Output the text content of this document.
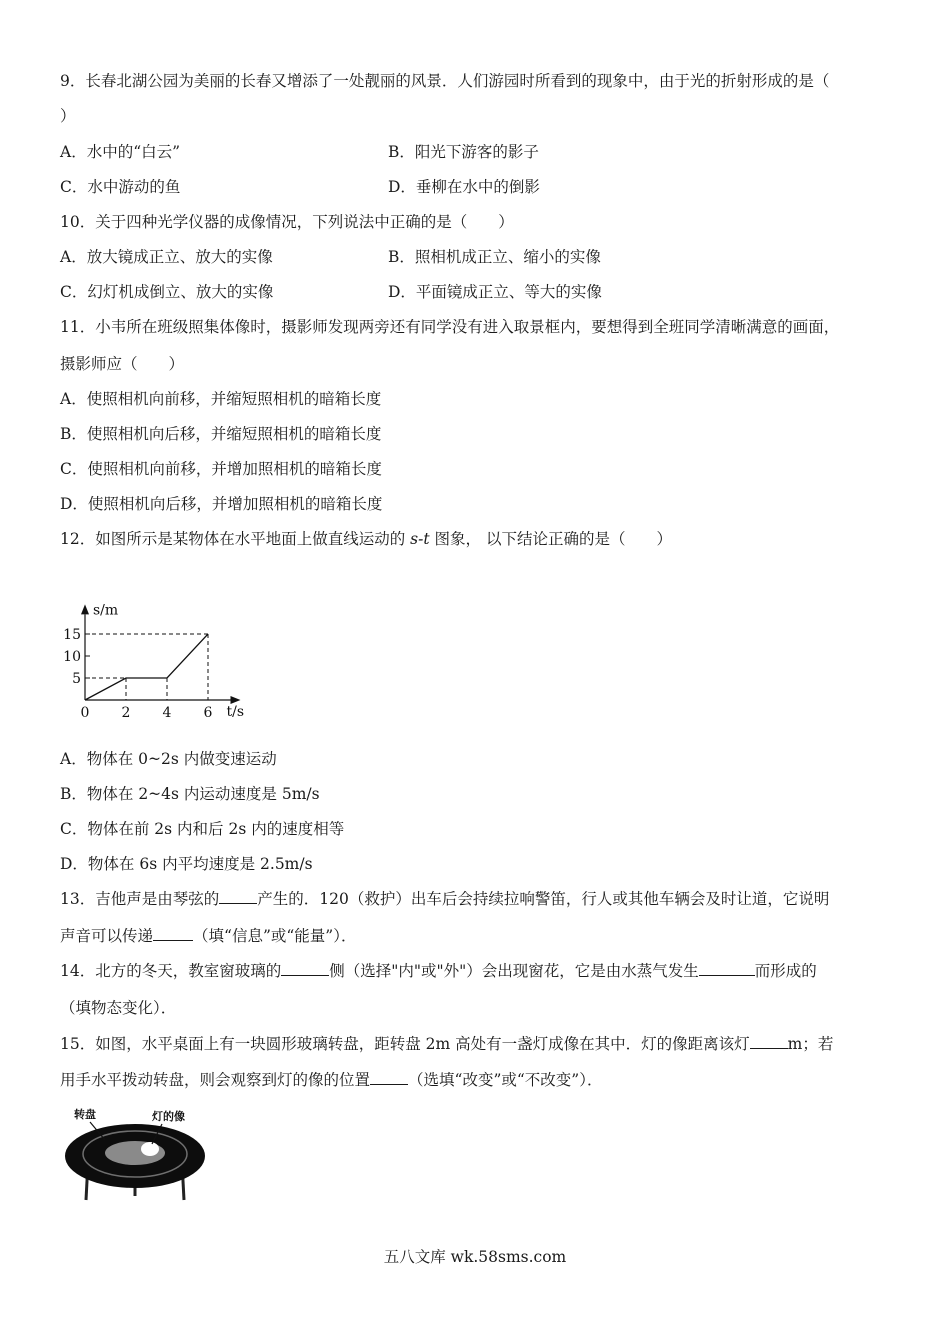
9．长春北湖公园为美丽的长春又增添了一处靓丽的风景．人们游园时所看到的现象中，由于光的折射形成的是（
）
A．水中的“白云”	B．阳光下游客的影子
C．水中游动的鱼	D．垂柳在水中的倒影
10．关于四种光学仪器的成像情况，下列说法中正确的是（　　）
A．放大镜成正立、放大的实像	B．照相机成正立、缩小的实像
C．幻灯机成倒立、放大的实像	D．平面镜成正立、等大的实像
11．小韦所在班级照集体像时，摄影师发现两旁还有同学没有进入取景框内，要想得到全班同学清晰满意的画面，
摄影师应（　　）
A．使照相机向前移，并缩短照相机的暗箱长度
B．使照相机向后移，并缩短照相机的暗箱长度
C．使照相机向前移，并增加照相机的暗箱长度
D．使照相机向后移，并增加照相机的暗箱长度
12．如图所示是某物体在水平地面上做直线运动的 s-t 图象， 以下结论正确的是（　　）
s/m
t/s
5
10
15
0 2 4 6
A．物体在 0~2s 内做变速运动
B．物体在 2~4s 内运动速度是 5m/s
C．物体在前 2s 内和后 2s 内的速度相等
D．物体在 6s 内平均速度是 2.5m/s
13．吉他声是由琴弦的 产生的．120（救护）出车后会持续拉响警笛，行人或其他车辆会及时让道，它说明
声音可以传递	（填“信息”或“能量”）．
14．北方的冬天，教室窗玻璃的	侧（选择"内"或"外"）会出现窗花，它是由水蒸气发生	而形成的
（填物态变化）．
15．如图，水平桌面上有一块圆形玻璃转盘，距转盘 2m 高处有一盏灯成像在其中．灯的像距离该灯 m；若
用手水平拨动转盘，则会观察到灯的像的位置 （选填“改变”或“不改变”）．
转盘	灯的像
五八文库 wk.58sms.com
